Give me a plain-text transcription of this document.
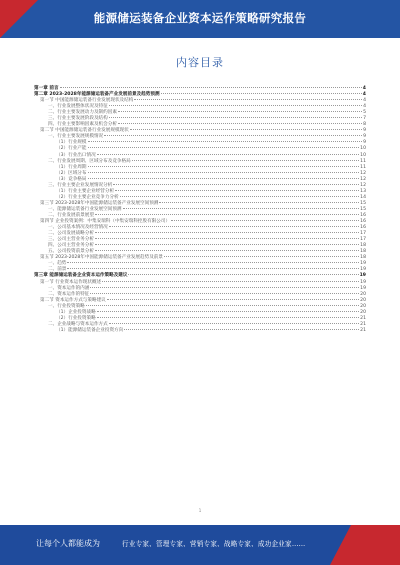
能源储运装备企业资本运作策略研究报告
内容目录
第一章 前言	4
第二章 2023-2028年能源储运装备产业发展前景及趋势预测	4
第一节 中国能源储运装备行业发展现状及结构	4
一、行业发展整体状况及特征	4
二、行业主要发展动力及制约因素	5
三、行业主要发展阶段及结构	7
四、行业主要影响因素及机会分析	8
第二节 中国能源储运装备行业发展规模现状	9
一、行业主要发展规模情况	9
（1）行业规模	9
（2）行业产能	10
（3）行业出口情况	10
二、行业发展周期、区域分布及竞争格局	11
（1）行业周期	11
（2）区域分布	12
（3）竞争格局	12
三、行业主要企业发展情况分析	12
（1）行业主要企业经营分析	13
（2）行业主要企业竞争力分析	14
第三节 2023-2028年中国能源储运装备产业发展空间预测	15
一、能源储运装备行业发展空间预测	15
二、行业发展前景展望	16
第四节 企业投资案例：中集安瑞科（中集安瑞科控股有限公司）	16
一、公司基本情况及经营情况	16
二、公司发展战略分析	17
三、公司主营业务分析	17
四、公司主营业务分析	18
五、公司投资前景分析	18
第五节 2023-2028年中国能源储运装备产业发展趋势及前景	18
一、趋势	19
二、前景	19
第三章 能源储运装备企业资本运作策略及建议	19
第一节 行业资本运作现状概述	19
一、资本运作的内涵	19
二、资本运作的特征	20
第二节 资本运作方式与策略建议	20
一、行业投资策略	20
（1）企业投资战略	20
（2）行业投资策略	21
二、企业战略与资本运作方式	21
（1）能源储运装备企业投资方向	21
1
让每个人都能成为	行业专家、管理专家、营销专家、战略专家、成功企业家……
